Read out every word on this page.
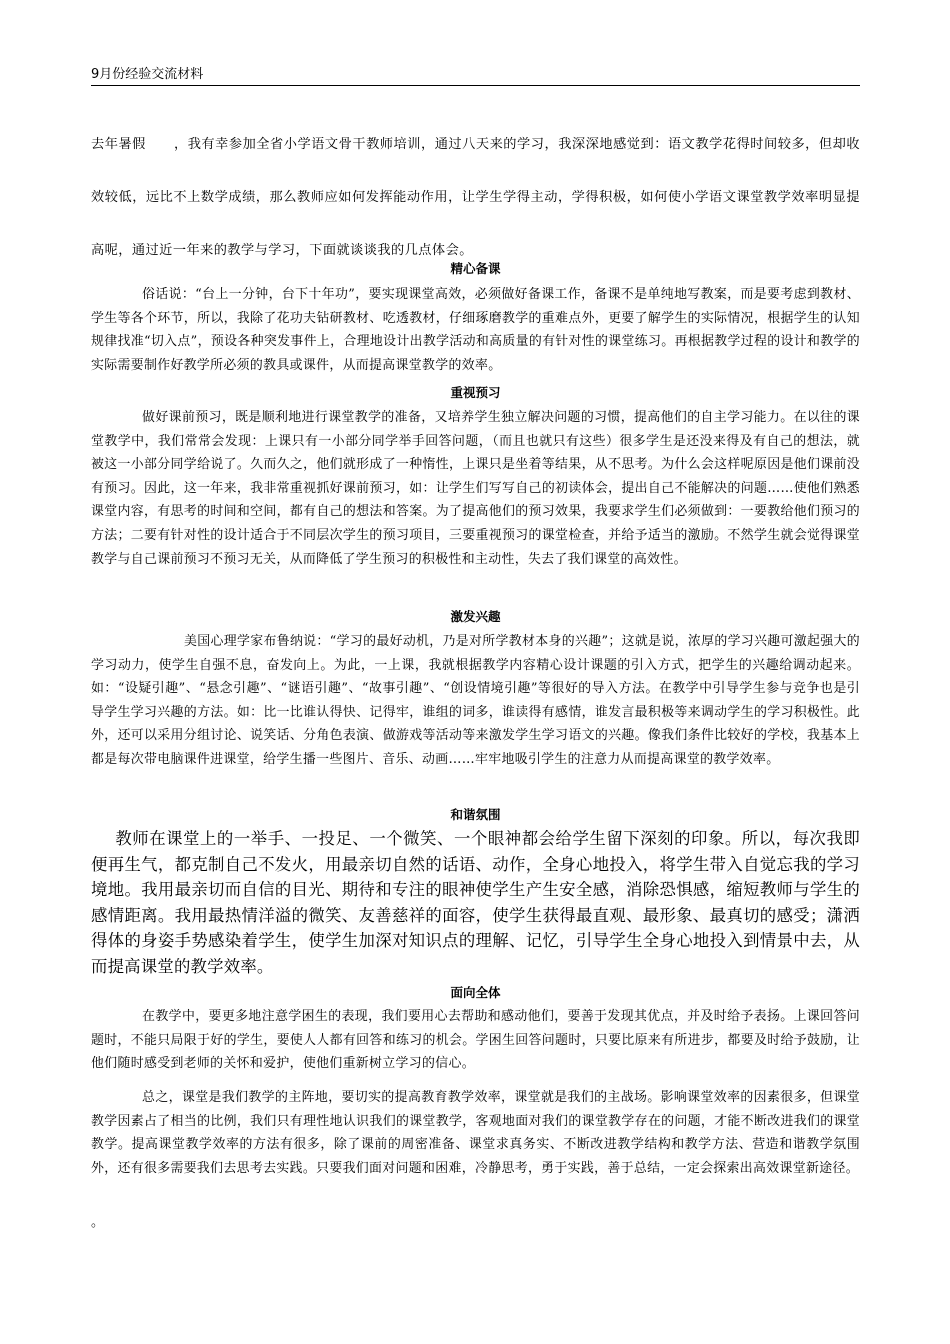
9月份经验交流材料
去年暑假 ，我有幸参加全省小学语文骨干教师培训，通过八天来的学习，我深深地感觉到：语文教学花得时间较多，但却收效较低，远比不上数学成绩，那么教师应如何发挥能动作用，让学生学得主动，学得积极，如何使小学语文课堂教学效率明显提高呢，通过近一年来的教学与学习，下面就谈谈我的几点体会。
精心备课

俗话说：“台上一分钟，台下十年功”，要实现课堂高效，必须做好备课工作，备课不是单纯地写教案，而是要考虑到教材、学生等各个环节，所以，我除了花功夫钻研教材、吃透教材，仔细琢磨教学的重难点外，更要了解学生的实际情况，根据学生的认知规律找准“切入点”，预设各种突发事件上，合理地设计出教学活动和高质量的有针对性的课堂练习。再根据教学过程的设计和教学的实际需要制作好教学所必须的教具或课件，从而提高课堂教学的效率。

重视预习

做好课前预习，既是顺利地进行课堂教学的准备，又培养学生独立解决问题的习惯，提高他们的自主学习能力。在以往的课堂教学中，我们常常会发现：上课只有一小部分同学举手回答问题，（而且也就只有这些）很多学生是还没来得及有自己的想法，就被这一小部分同学给说了。久而久之，他们就形成了一种惰性，上课只是坐着等结果，从不思考。为什么会这样呢原因是他们课前没有预习。因此，这一年来，我非常重视抓好课前预习，如：让学生们写写自己的初读体会，提出自己不能解决的问题……使他们熟悉课堂内容，有思考的时间和空间，都有自己的想法和答案。为了提高他们的预习效果，我要求学生们必须做到：一要教给他们预习的方法；二要有针对性的设计适合于不同层次学生的预习项目，三要重视预习的课堂检查，并给予适当的激励。不然学生就会觉得课堂教学与自己课前预习不预习无关，从而降低了学生预习的积极性和主动性，失去了我们课堂的高效性。

激发兴趣

美国心理学家布鲁纳说：“学习的最好动机，乃是对所学教材本身的兴趣”；这就是说，浓厚的学习兴趣可激起强大的学习动力，使学生自强不息，奋发向上。为此，一上课，我就根据教学内容精心设计课题的引入方式，把学生的兴趣给调动起来。如：“设疑引趣”、“悬念引趣”、“谜语引趣”、“故事引趣”、“创设情境引趣”等很好的导入方法。在教学中引导学生参与竞争也是引导学生学习兴趣的方法。如：比一比谁认得快、记得牢，谁组的词多，谁读得有感情，谁发言最积极等来调动学生的学习积极性。此外，还可以采用分组讨论、说笑话、分角色表演、做游戏等活动等来激发学生学习语文的兴趣。像我们条件比较好的学校，我基本上都是每次带电脑课件进课堂，给学生播一些图片、音乐、动画……牢牢地吸引学生的注意力从而提高课堂的教学效率。

和谐氛围

教师在课堂上的一举手、一投足、一个微笑、一个眼神都会给学生留下深刻的印象。所以，每次我即便再生气，都克制自己不发火，用最亲切自然的话语、动作，全身心地投入，将学生带入自觉忘我的学习境地。我用最亲切而自信的目光、期待和专注的眼神使学生产生安全感，消除恐惧感，缩短教师与学生的感情距离。我用最热情洋溢的微笑、友善慈祥的面容，使学生获得最直观、最形象、最真切的感受；潇洒得体的身姿手势感染着学生，使学生加深对知识点的理解、记忆，引导学生全身心地投入到情景中去，从而提高课堂的教学效率。

面向全体

在教学中，要更多地注意学困生的表现，我们要用心去帮助和感动他们，要善于发现其优点，并及时给予表扬。上课回答问题时，不能只局限于好的学生，要使人人都有回答和练习的机会。学困生回答问题时，只要比原来有所进步，都要及时给予鼓励，让他们随时感受到老师的关怀和爱护，使他们重新树立学习的信心。

总之，课堂是我们教学的主阵地，要切实的提高教育教学效率，课堂就是我们的主战场。影响课堂效率的因素很多，但课堂教学因素占了相当的比例，我们只有理性地认识我们的课堂教学，客观地面对我们的课堂教学存在的问题，才能不断改进我们的课堂教学。提高课堂教学效率的方法有很多，除了课前的周密准备、课堂求真务实、不断改进教学结构和教学方法、营造和谐教学氛围外，还有很多需要我们去思考去实践。只要我们面对问题和困难，冷静思考，勇于实践，善于总结，一定会探索出高效课堂新途径。

。
